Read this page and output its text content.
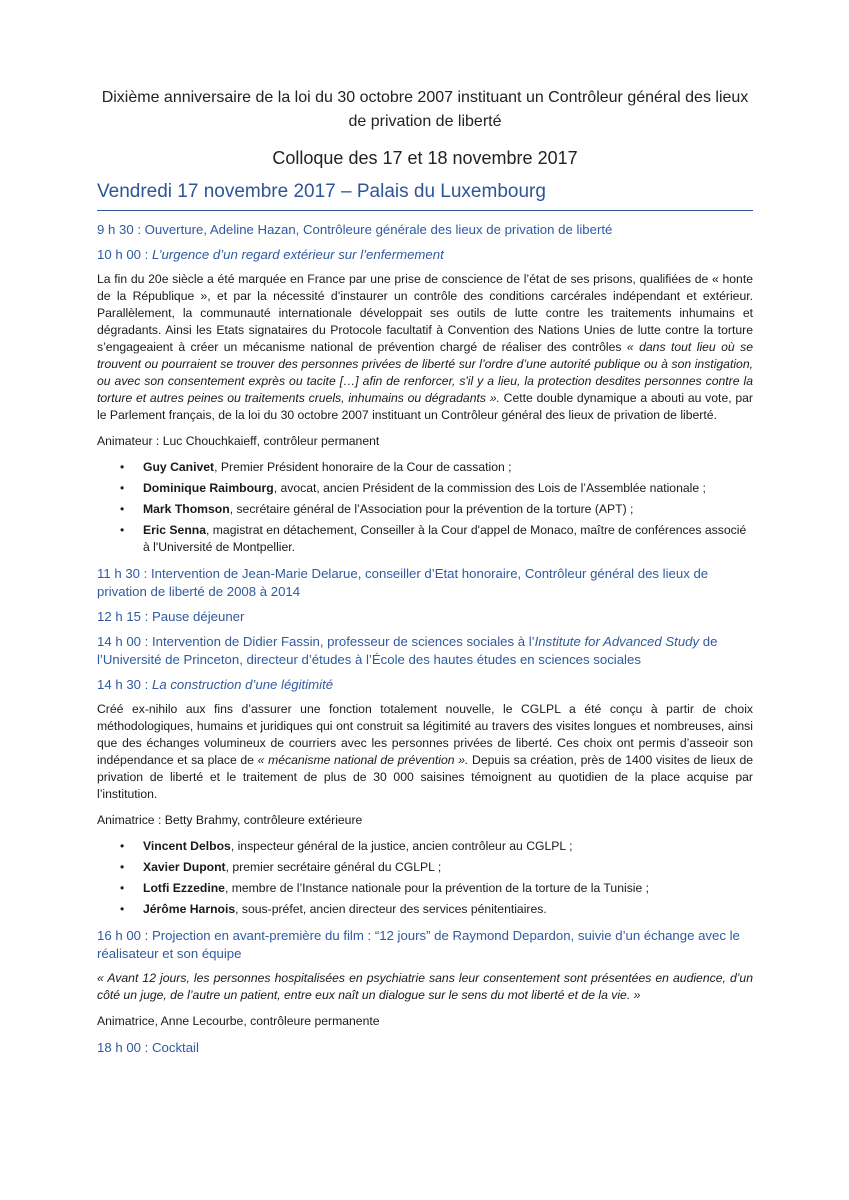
Dixième anniversaire de la loi du 30 octobre 2007 instituant un Contrôleur général des lieux de privation de liberté

Colloque des 17 et 18 novembre 2017

Vendredi 17 novembre 2017 – Palais du Luxembourg

9 h 30 : Ouverture, Adeline Hazan, Contrôleure générale des lieux de privation de liberté

10 h 00 : L’urgence d’un regard extérieur sur l’enfermement

La fin du 20e siècle a été marquée en France par une prise de conscience de l’état de ses prisons, qualifiées de « honte de la République », et par la nécessité d’instaurer un contrôle des conditions carcérales indépendant et extérieur. Parallèlement, la communauté internationale développait ses outils de lutte contre les traitements inhumains et dégradants. Ainsi les Etats signataires du Protocole facultatif à Convention des Nations Unies de lutte contre la torture s’engageaient à créer un mécanisme national de prévention chargé de réaliser des contrôles « dans tout lieu où se trouvent ou pourraient se trouver des personnes privées de liberté sur l’ordre d’une autorité publique ou à son instigation, ou avec son consentement exprès ou tacite […] afin de renforcer, s'il y a lieu, la protection desdites personnes contre la torture et autres peines ou traitements cruels, inhumains ou dégradants ». Cette double dynamique a abouti au vote, par le Parlement français, de la loi du 30 octobre 2007 instituant un Contrôleur général des lieux de privation de liberté.

Animateur : Luc Chouchkaieff, contrôleur permanent

• Guy Canivet, Premier Président honoraire de la Cour de cassation ;
• Dominique Raimbourg, avocat, ancien Président de la commission des Lois de l’Assemblée nationale ;
• Mark Thomson, secrétaire général de l’Association pour la prévention de la torture (APT) ;
• Eric Senna, magistrat en détachement, Conseiller à la Cour d'appel de Monaco, maître de conférences associé à l'Université de Montpellier.

11 h 30 : Intervention de Jean-Marie Delarue, conseiller d’Etat honoraire, Contrôleur général des lieux de privation de liberté de 2008 à 2014

12 h 15 : Pause déjeuner

14 h 00 : Intervention de Didier Fassin, professeur de sciences sociales à l’Institute for Advanced Study de l’Université de Princeton, directeur d’études à l’École des hautes études en sciences sociales

14 h 30 : La construction d’une légitimité

Créé ex-nihilo aux fins d’assurer une fonction totalement nouvelle, le CGLPL a été conçu à partir de choix méthodologiques, humains et juridiques qui ont construit sa légitimité au travers des visites longues et nombreuses, ainsi que des échanges volumineux de courriers avec les personnes privées de liberté. Ces choix ont permis d’asseoir son indépendance et sa place de « mécanisme national de prévention ». Depuis sa création, près de 1400 visites de lieux de privation de liberté et le traitement de plus de 30 000 saisines témoignent au quotidien de la place acquise par l’institution.

Animatrice : Betty Brahmy, contrôleure extérieure

• Vincent Delbos, inspecteur général de la justice, ancien contrôleur au CGLPL ;
• Xavier Dupont, premier secrétaire général du CGLPL ;
• Lotfi Ezzedine, membre de l’Instance nationale pour la prévention de la torture de la Tunisie ;
• Jérôme Harnois, sous-préfet, ancien directeur des services pénitentiaires.

16 h 00 : Projection en avant-première du film : “12 jours” de Raymond Depardon, suivie d’un échange avec le réalisateur et son équipe

« Avant 12 jours, les personnes hospitalisées en psychiatrie sans leur consentement sont présentées en audience, d’un côté un juge, de l’autre un patient, entre eux naît un dialogue sur le sens du mot liberté et de la vie. »

Animatrice, Anne Lecourbe, contrôleure permanente

18 h 00 : Cocktail
